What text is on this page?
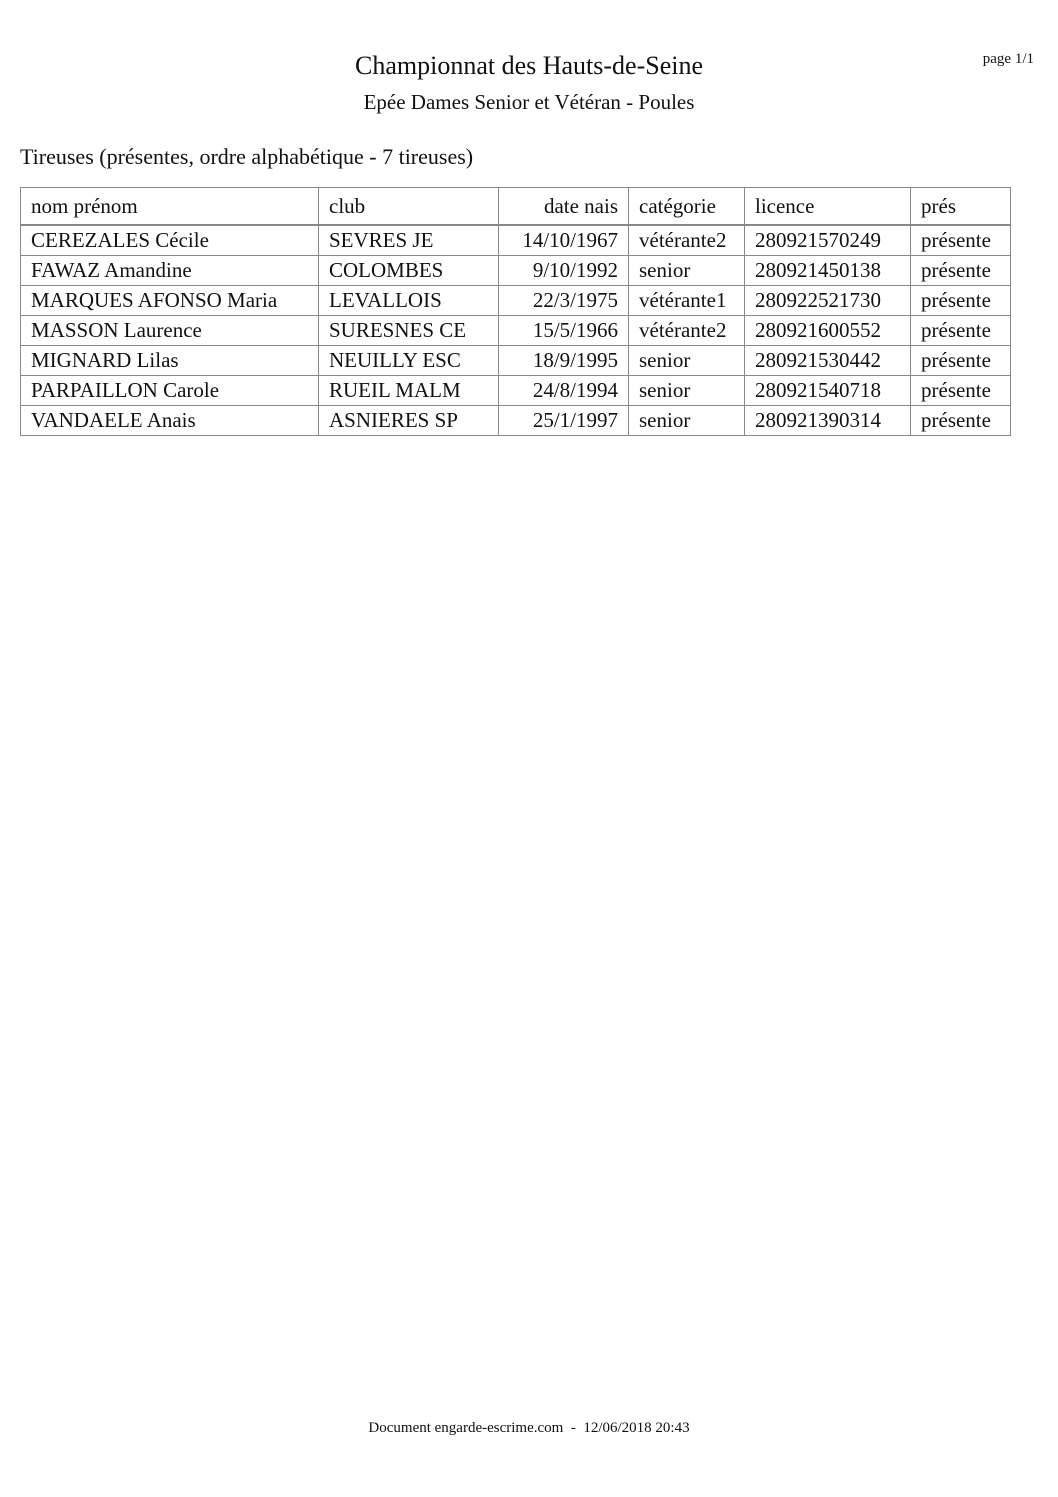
page 1/1
Championnat des Hauts-de-Seine
Epée Dames Senior et Vétéran - Poules
Tireuses (présentes, ordre alphabétique - 7 tireuses)
nom prénom	club	date nais	catégorie	licence	prés
CEREZALES Cécile	SEVRES JE	14/10/1967	vétérante2	280921570249	présente
FAWAZ Amandine	COLOMBES	9/10/1992	senior	280921450138	présente
MARQUES AFONSO Maria	LEVALLOIS	22/3/1975	vétérante1	280922521730	présente
MASSON Laurence	SURESNES CE	15/5/1966	vétérante2	280921600552	présente
MIGNARD Lilas	NEUILLY ESC	18/9/1995	senior	280921530442	présente
PARPAILLON Carole	RUEIL MALM	24/8/1994	senior	280921540718	présente
VANDAELE Anais	ASNIERES SP	25/1/1997	senior	280921390314	présente
Document engarde-escrime.com  -  12/06/2018 20:43
